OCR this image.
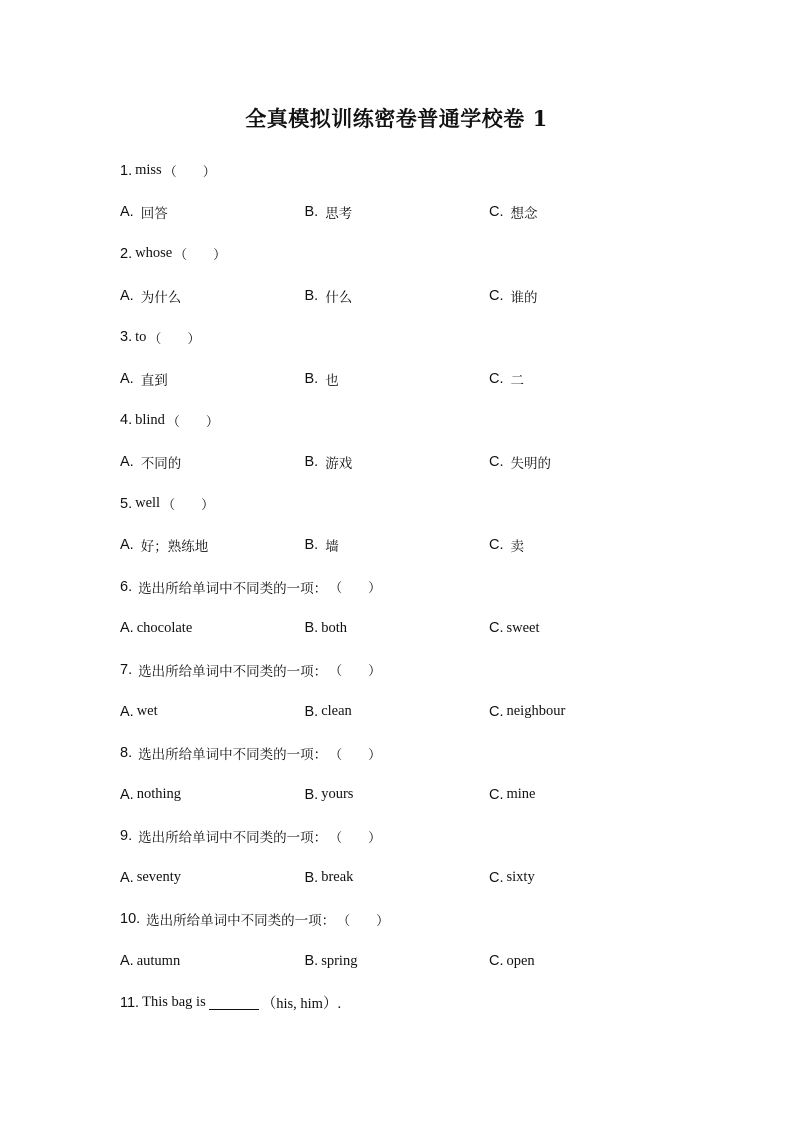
全真模拟训练密卷普通学校卷 1
1. miss （　　）
A. 回答	B. 思考	C. 想念
2. whose （　　）
A. 为什么	B. 什么	C. 谁的
3. to （　　）
A. 直到	B. 也	C. 二
4. blind （　　）
A. 不同的	B. 游戏	C. 失明的
5. well （　　）
A. 好；熟练地	B. 墙	C. 卖
6. 选出所给单词中不同类的一项： （　　）
A. chocolate	B. both	C. sweet
7. 选出所给单词中不同类的一项： （　　）
A. wet	B. clean	C. neighbour
8. 选出所给单词中不同类的一项： （　　）
A. nothing	B. yours	C. mine
9. 选出所给单词中不同类的一项： （　　）
A. seventy	B. break	C. sixty
10. 选出所给单词中不同类的一项： （　　）
A. autumn	B. spring	C. open
11. This bag is	（his, him）.
